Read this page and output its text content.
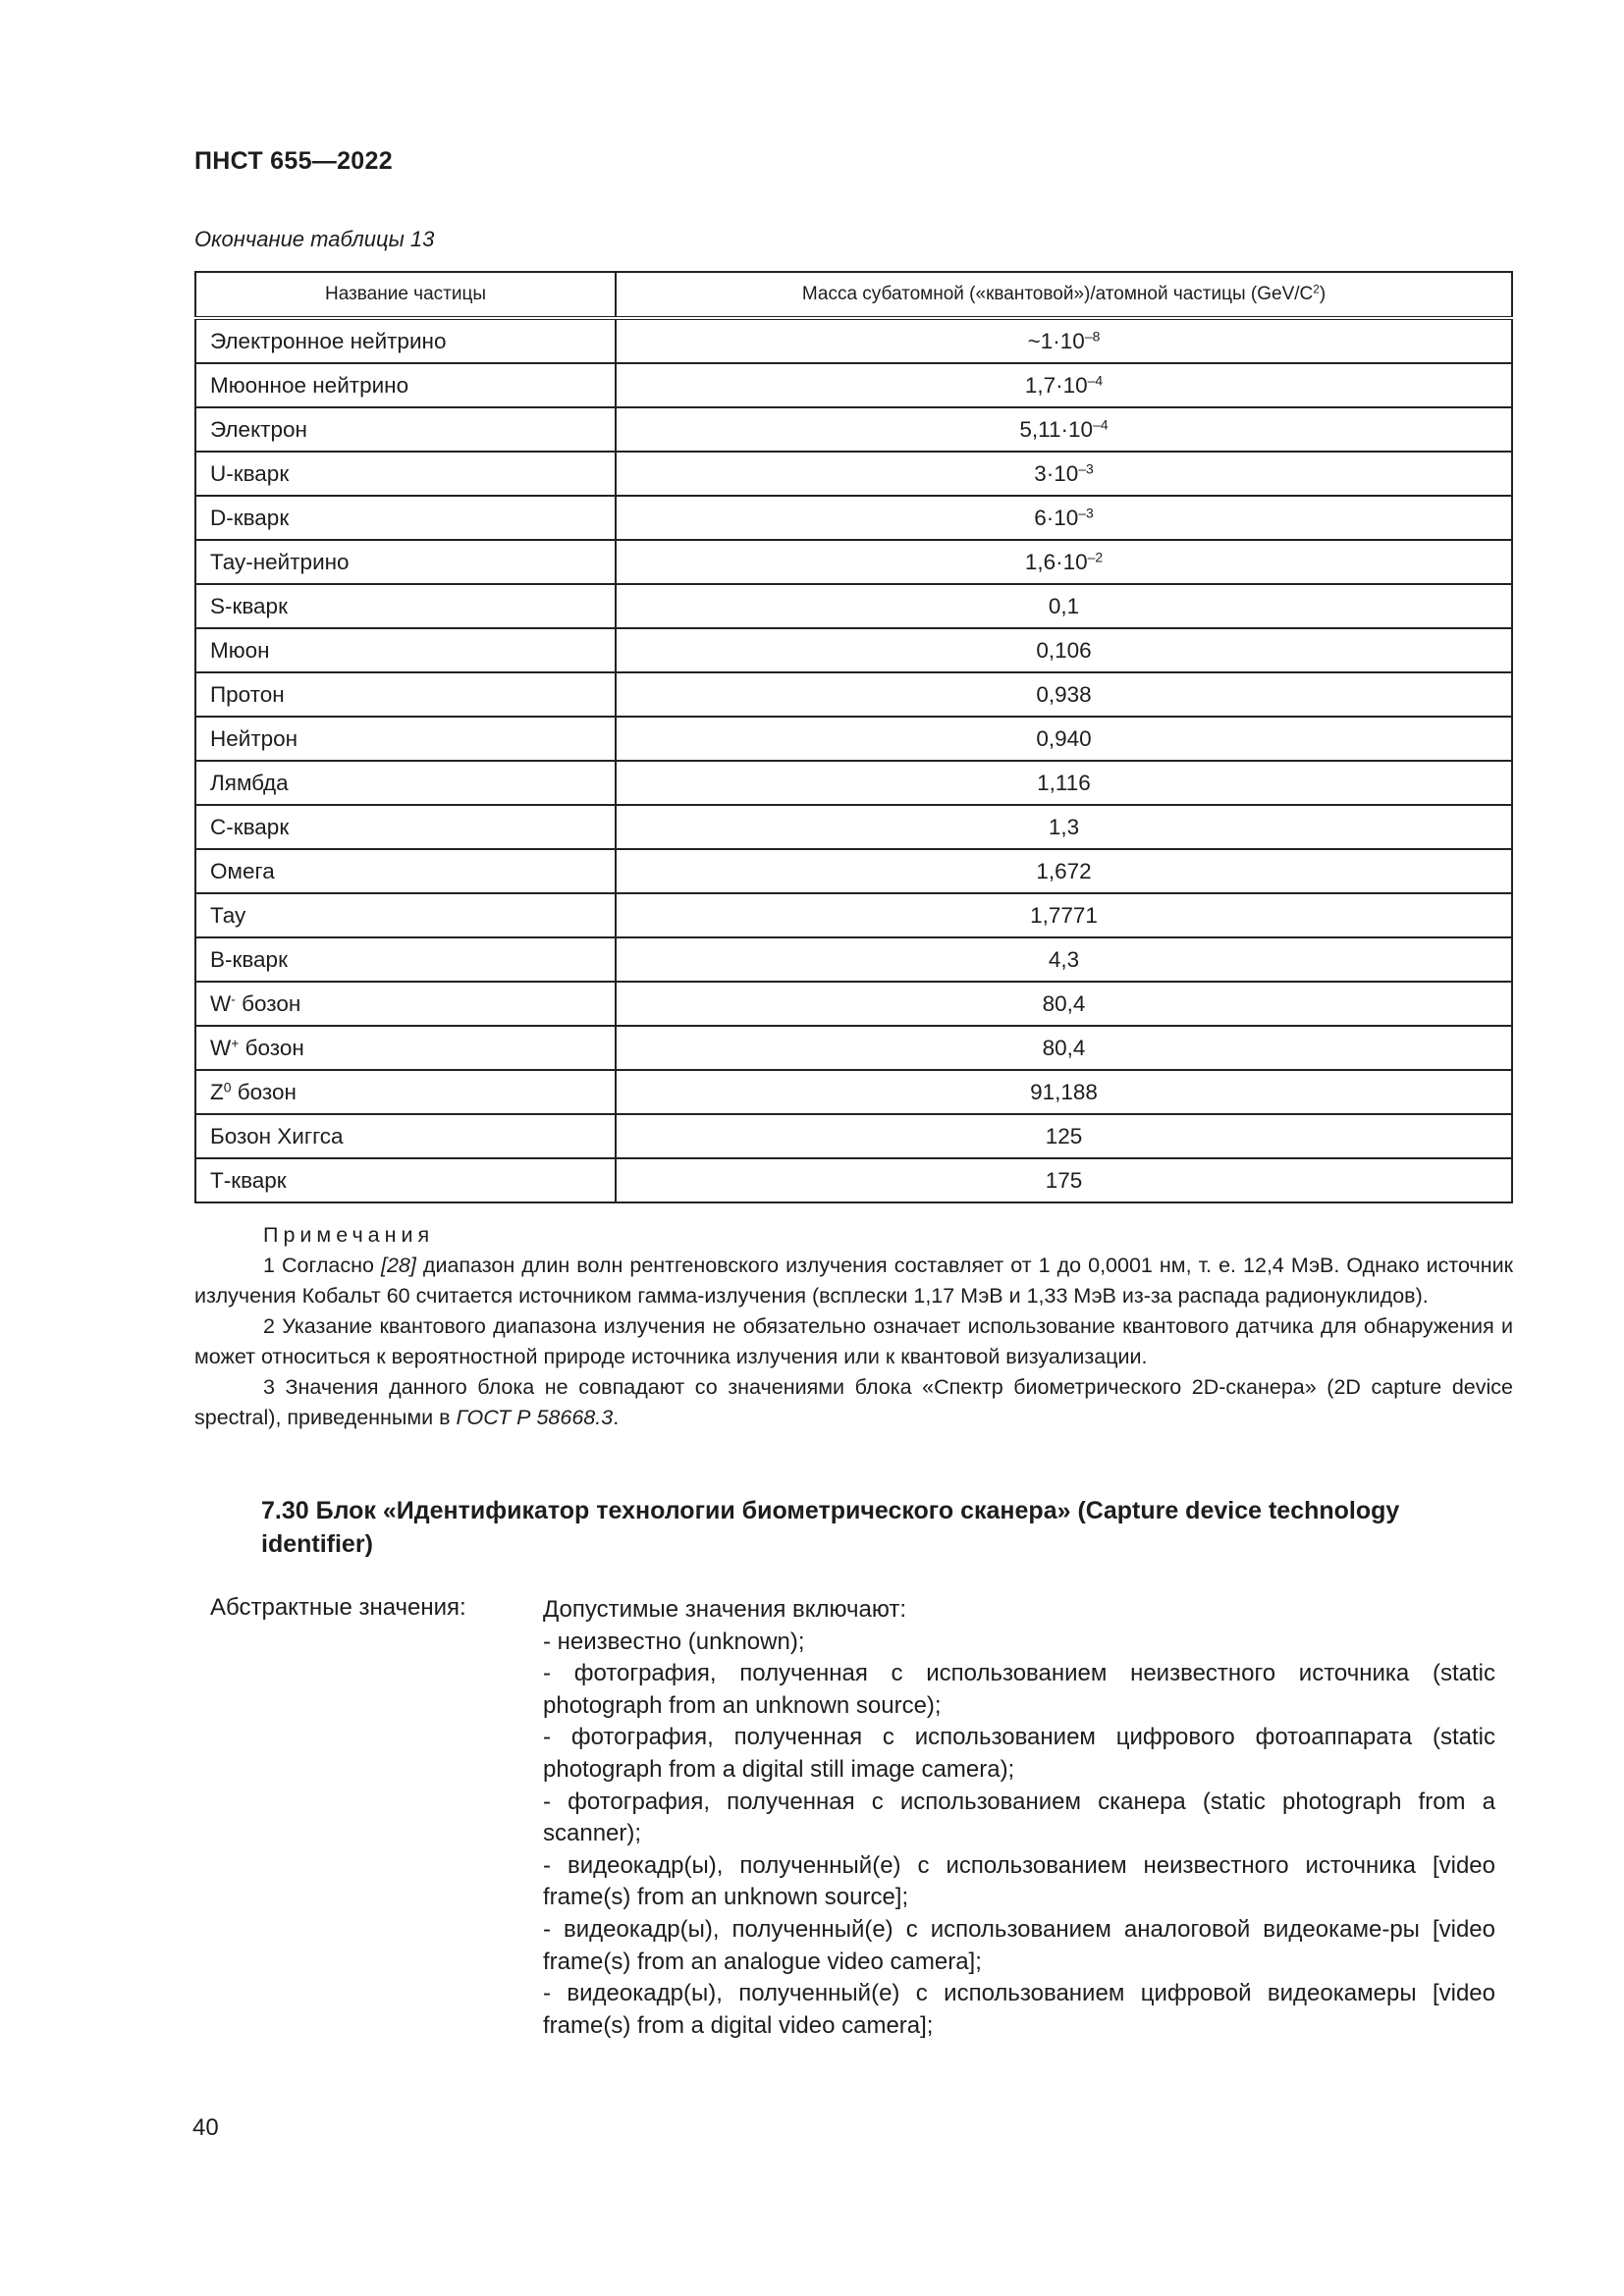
ПНСТ 655—2022
Окончание таблицы 13
Название частицы	Масса субатомной («квантовой»)/атомной частицы $(GeV/C^2)$
Электронное нейтрино	$\sim 1\cdot 10^{-8}$
Мюонное нейтрино	$1,7\cdot 10^{-4}$
Электрон	$5,11\cdot 10^{-4}$
U-кварк	$3\cdot 10^{-3}$
D-кварк	$6\cdot 10^{-3}$
Тау-нейтрино	$1,6\cdot 10^{-2}$
S-кварк	0,1
Мюон	0,106
Протон	0,938
Нейтрон	0,940
Лямбда	1,116
С-кварк	1,3
Омега	1,672
Тау	1,7771
В-кварк	4,3
W- бозон	80,4
W+ бозон	80,4
$Z^0$ бозон	91,188
Бозон Хиггса	125
Т-кварк	175

Примечания

1 Согласно [28] диапазон длин волн рентгеновского излучения составляет от 1 до 0,0001 нм, т. е. 12,4 МэВ. Однако источник излучения Кобальт 60 считается источником гамма-излучения (всплески 1,17 МэВ и 1,33 МэВ из-за распада радионуклидов).

2 Указание квантового диапазона излучения не обязательно означает использование квантового датчика для обнаружения и может относиться к вероятностной природе источника излучения или к квантовой визуализации.

3 Значения данного блока не совпадают со значениями блока «Спектр биометрического 2D-сканера» (2D capture device spectral), приведенными в ГОСТ Р 58668.3.

7.30 Блок «Идентификатор технологии биометрического сканера» (Capture device technology identifier)
Абстрактные значения:	Допустимые значения включают:

- неизвестно (unknown);

- фотография, полученная с использованием неизвестного источника (static photograph from an unknown source);

- фотография, полученная с использованием цифрового фотоаппарата (static photograph from a digital still image camera);

- фотография, полученная с использованием сканера (static photograph from a scanner);

- видеокадр(ы), полученный(е) с использованием неизвестного источника [video frame(s) from an unknown source];

- видеокадр(ы), полученный(е) с использованием аналоговой видеокаме-ры [video frame(s) from an analogue video camera];

- видеокадр(ы), полученный(е) с использованием цифровой видеокамеры [video frame(s) from a digital video camera];

40
